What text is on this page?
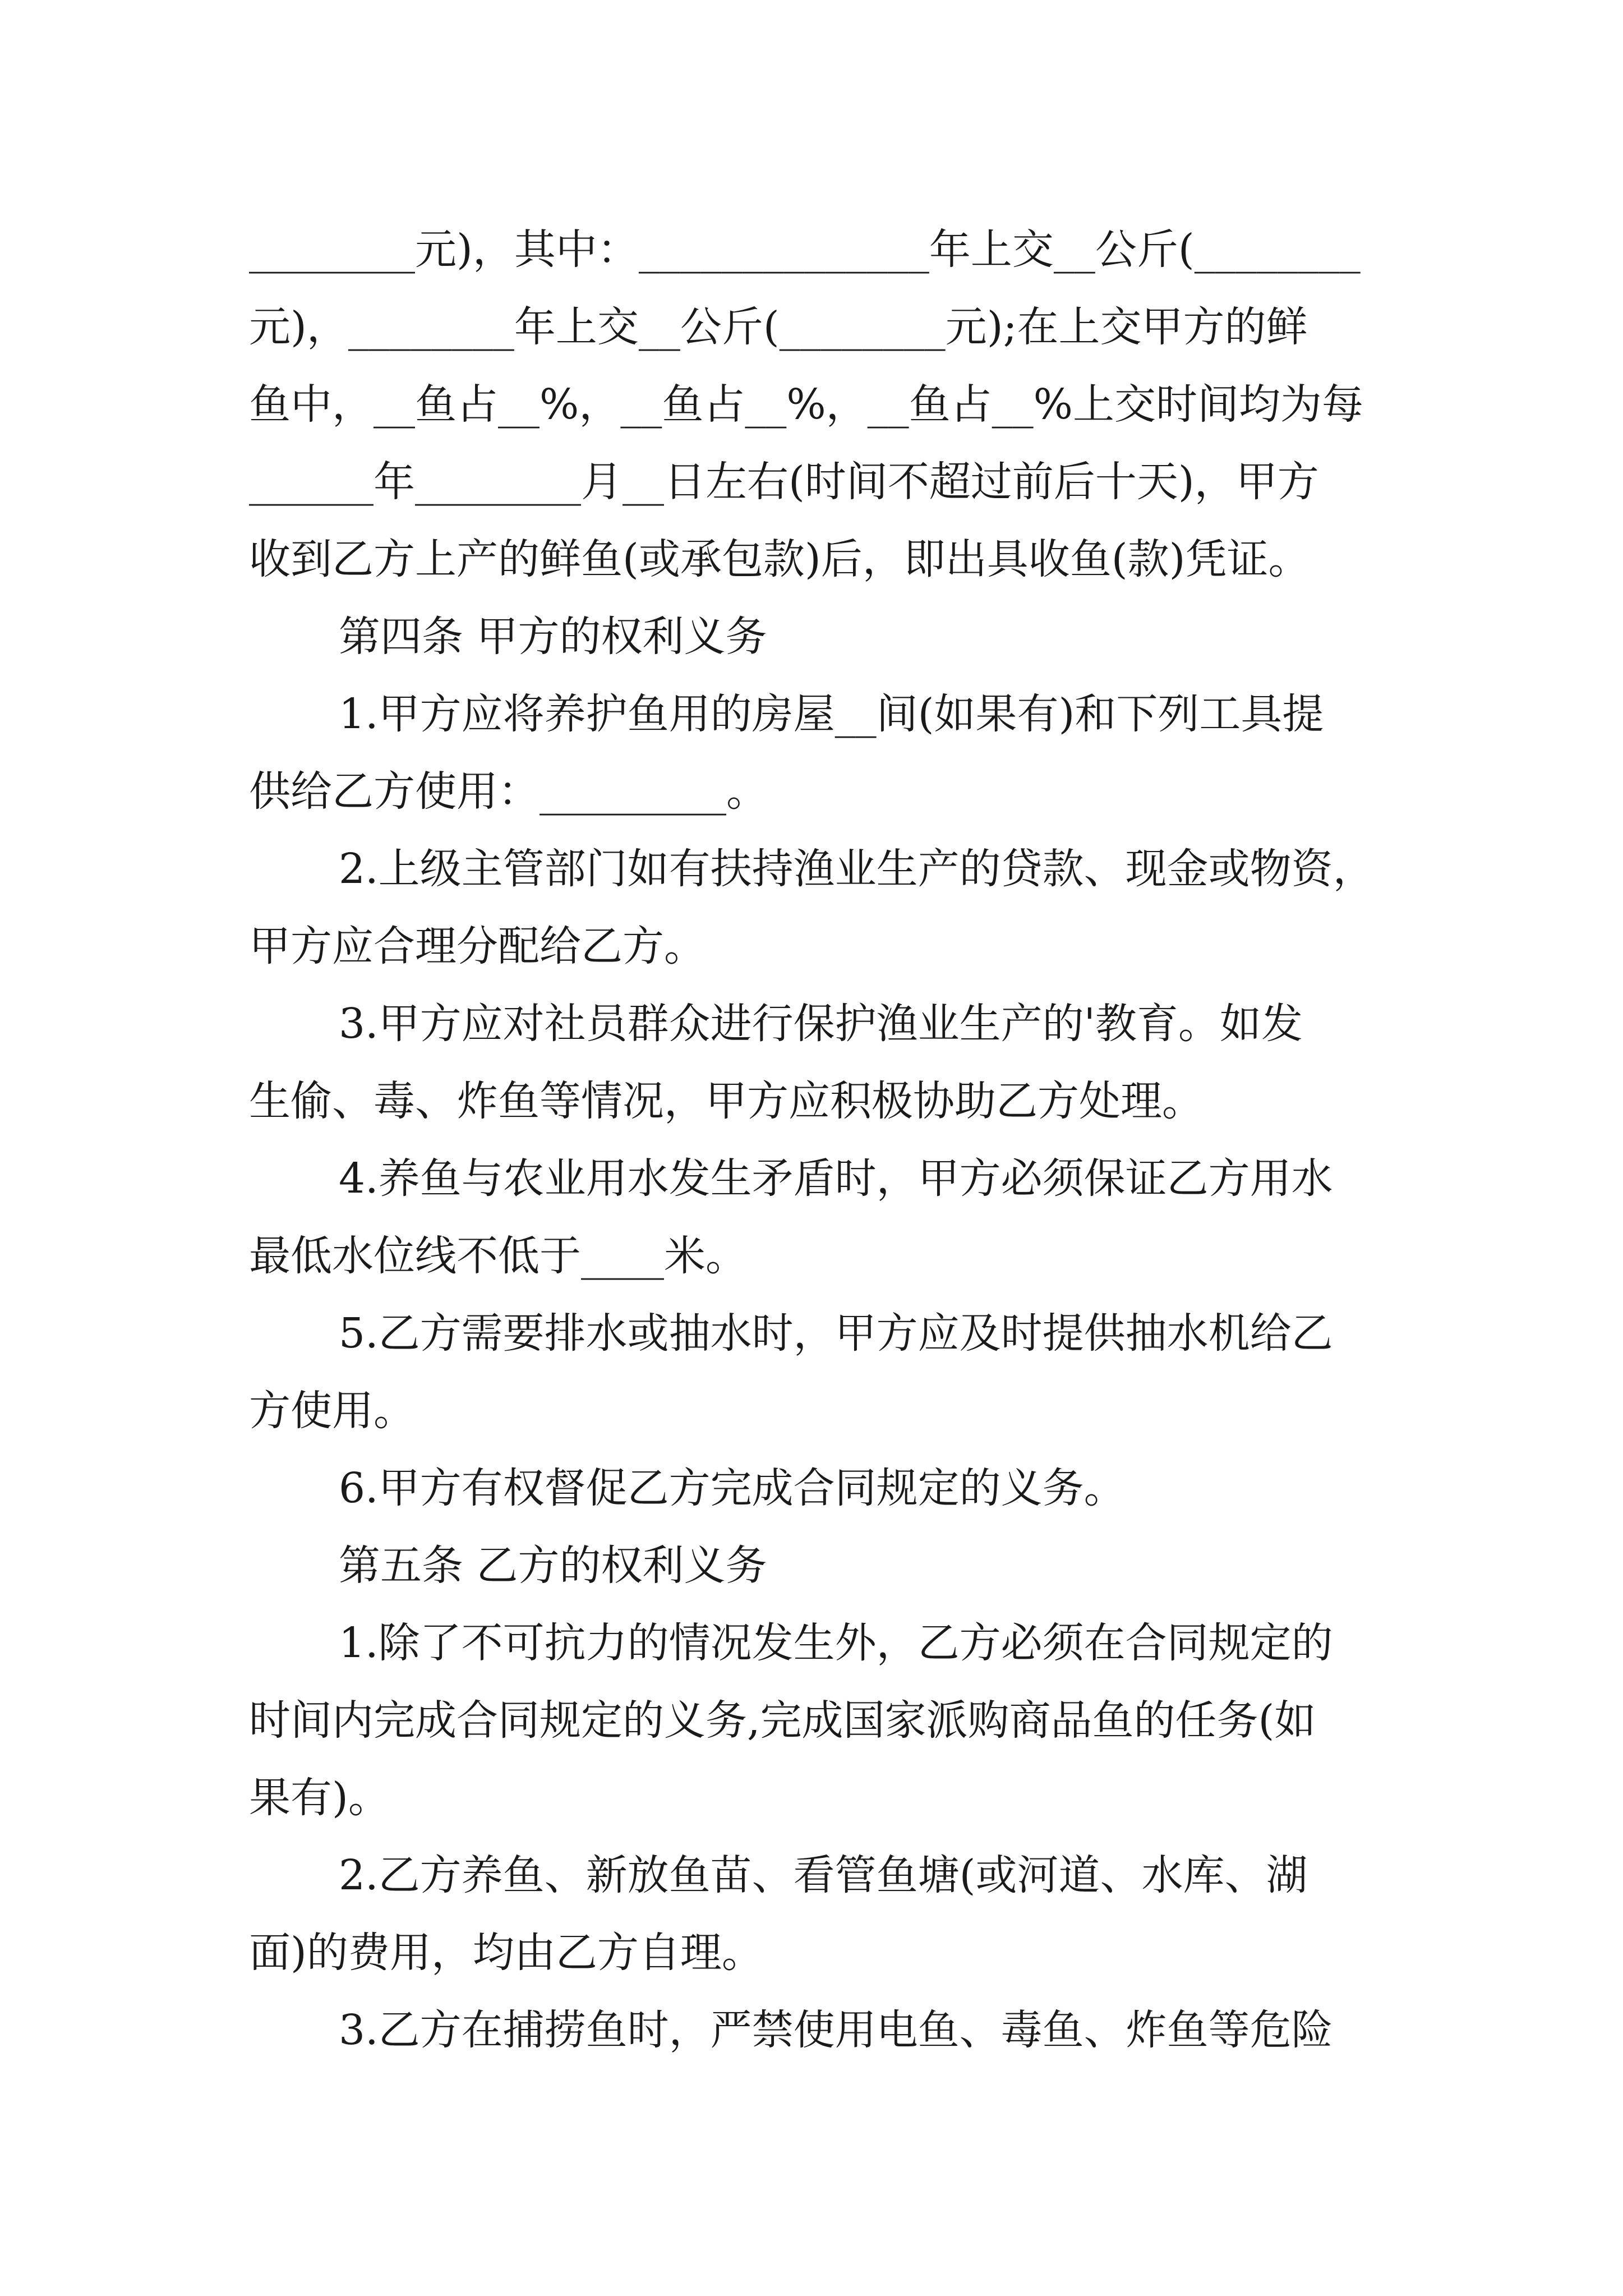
________元)，其中：______________年上交__公斤(________
元)，________年上交__公斤(________元);在上交甲方的鲜
鱼中，__鱼占__%，__鱼占__%，__鱼占__%上交时间均为每
______年________月__日左右(时间不超过前后十天)，甲方
收到乙方上产的鲜鱼(或承包款)后，即出具收鱼(款)凭证。
第四条 甲方的权利义务
1.甲方应将养护鱼用的房屋__间(如果有)和下列工具提
供给乙方使用：_________。
2.上级主管部门如有扶持渔业生产的贷款、现金或物资，
甲方应合理分配给乙方。
3.甲方应对社员群众进行保护渔业生产的'教育。如发
生偷、毒、炸鱼等情况，甲方应积极协助乙方处理。
4.养鱼与农业用水发生矛盾时，甲方必须保证乙方用水
最低水位线不低于____米。
5.乙方需要排水或抽水时，甲方应及时提供抽水机给乙
方使用。
6.甲方有权督促乙方完成合同规定的义务。
第五条 乙方的权利义务
1.除了不可抗力的情况发生外，乙方必须在合同规定的
时间内完成合同规定的义务,完成国家派购商品鱼的任务(如
果有)。
2.乙方养鱼、新放鱼苗、看管鱼塘(或河道、水库、湖
面)的费用，均由乙方自理。
3.乙方在捕捞鱼时，严禁使用电鱼、毒鱼、炸鱼等危险
